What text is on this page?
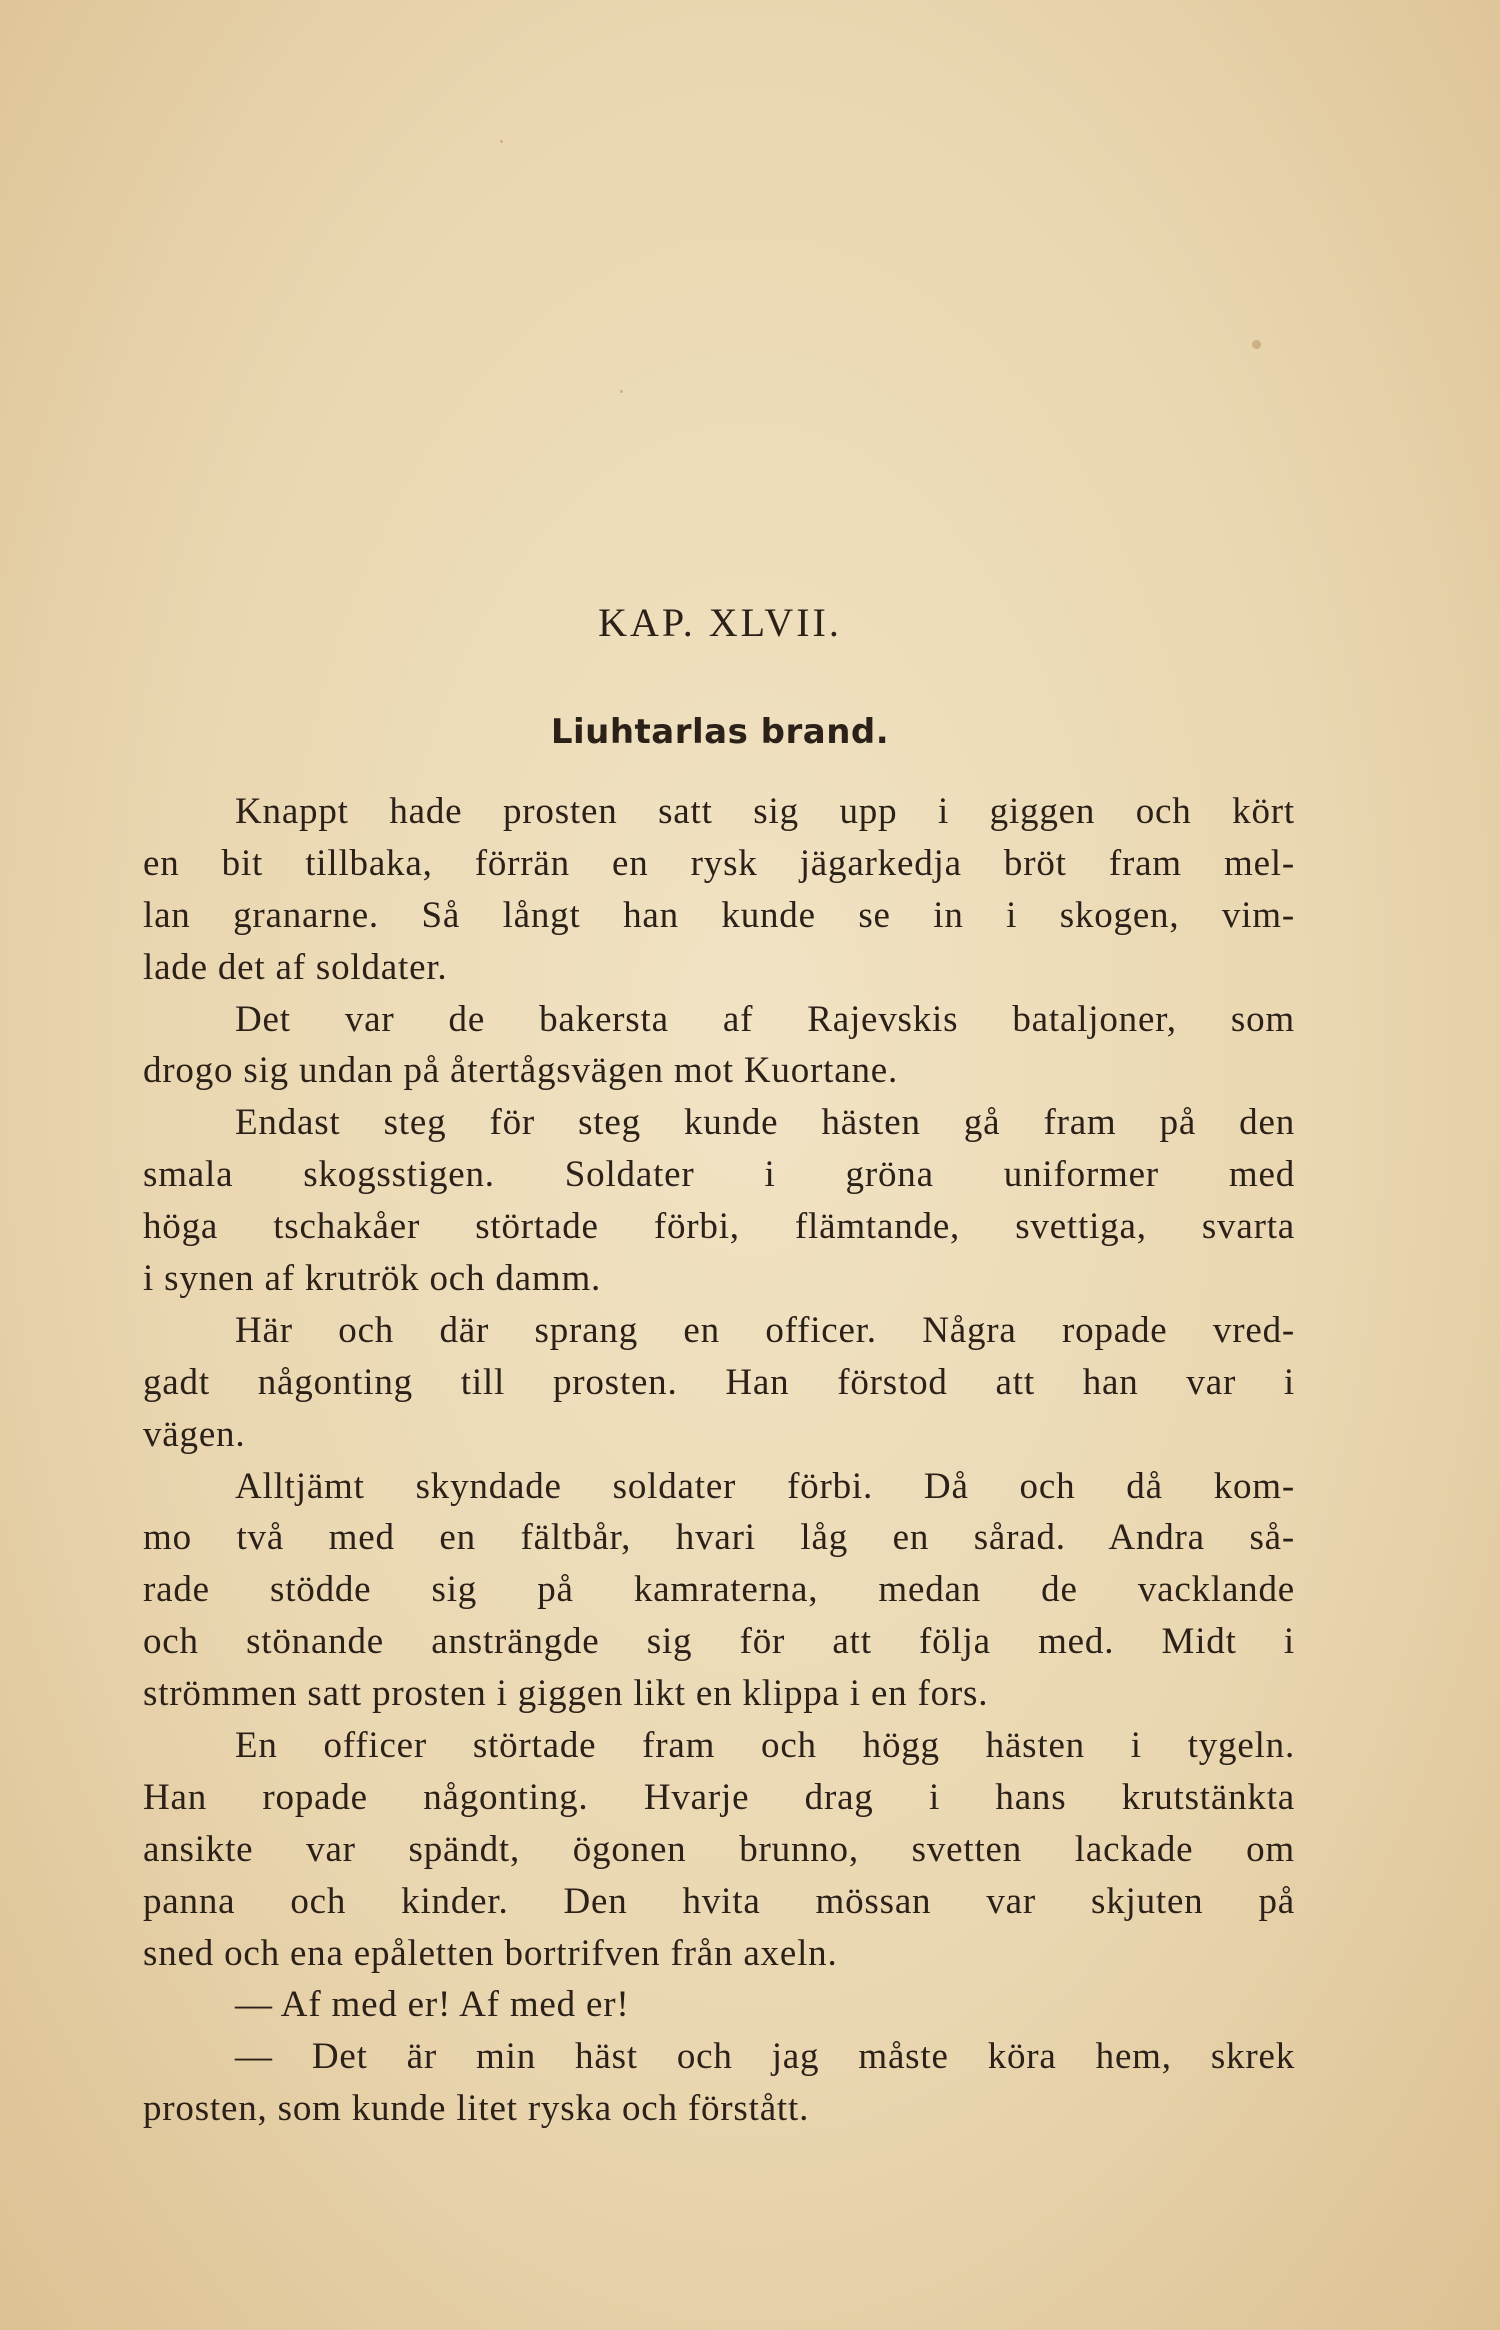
KAP. XLVII.
Liuhtarlas brand.
Knappt hade prosten satt sig upp i giggen och kört
en bit tillbaka, förrän en rysk jägarkedja bröt fram mel-
lan granarne. Så långt han kunde se in i skogen, vim-
lade det af soldater.
Det var de bakersta af Rajevskis bataljoner, som
drogo sig undan på återtågsvägen mot Kuortane.
Endast steg för steg kunde hästen gå fram på den
smala skogsstigen. Soldater i gröna uniformer med
höga tschakåer störtade förbi, flämtande, svettiga, svarta
i synen af krutrök och damm.
Här och där sprang en officer. Några ropade vred-
gadt någonting till prosten. Han förstod att han var i
vägen.
Alltjämt skyndade soldater förbi. Då och då kom-
mo två med en fältbår, hvari låg en sårad. Andra så-
rade stödde sig på kamraterna, medan de vacklande
och stönande ansträngde sig för att följa med. Midt i
strömmen satt prosten i giggen likt en klippa i en fors.
En officer störtade fram och högg hästen i tygeln.
Han ropade någonting. Hvarje drag i hans krutstänkta
ansikte var spändt, ögonen brunno, svetten lackade om
panna och kinder. Den hvita mössan var skjuten på
sned och ena epåletten bortrifven från axeln.
— Af med er! Af med er!
— Det är min häst och jag måste köra hem, skrek
prosten, som kunde litet ryska och förstått.
